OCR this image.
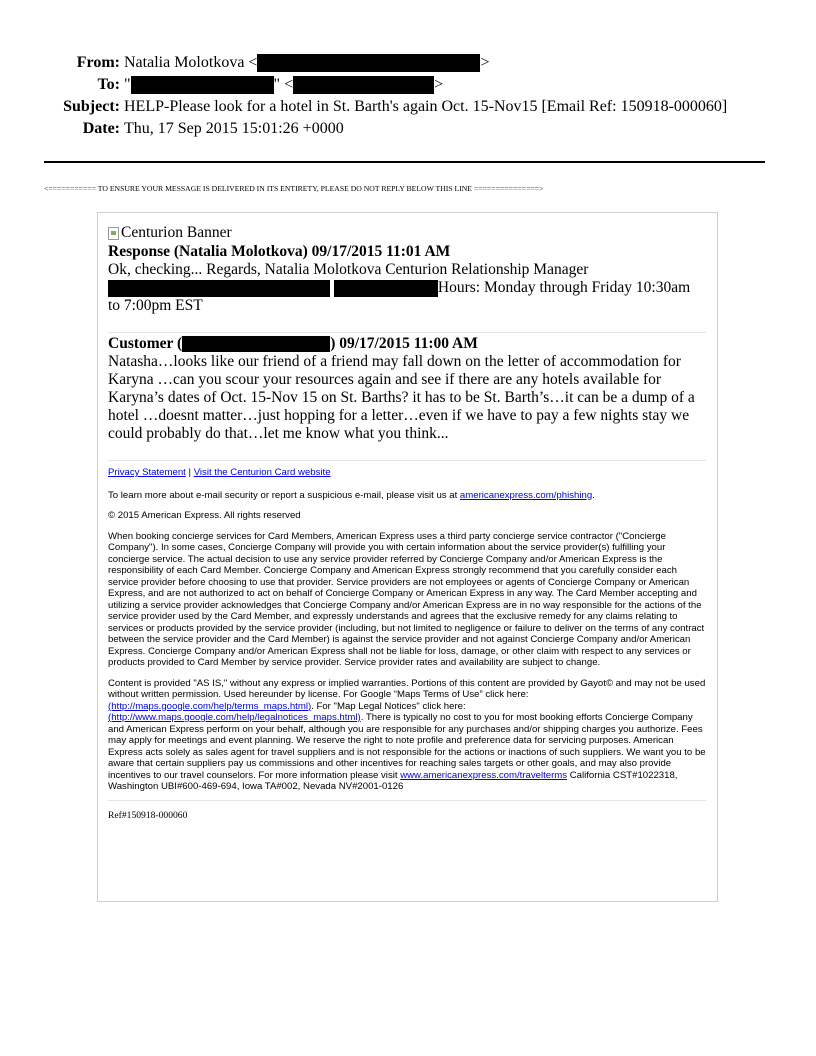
From: Natalia Molotkova <	>
To: "	" <	>
Subject: HELP-Please look for a hotel in St. Barth's again Oct. 15-Nov15 [Email Ref: 150918-000060]
Date: Thu, 17 Sep 2015 15:01:26 +0000
<=========== TO ENSURE YOUR MESSAGE IS DELIVERED IN ITS ENTIRETY, PLEASE DO NOT REPLY BELOW THIS LINE ===============>
Centurion Banner
Response (Natalia Molotkova) 09/17/2015 11:01 AM
Ok, checking... Regards, Natalia Molotkova Centurion Relationship Manager
Hours: Monday through Friday 10:30am
to 7:00pm EST
Customer (	) 09/17/2015 11:00 AM
Natasha…looks like our friend of a friend may fall down on the letter of accommodation for Karyna …can you scour your resources again and see if there are any hotels available for Karyna’s dates of Oct. 15-Nov 15 on St. Barths? it has to be St. Barth’s…it can be a dump of a hotel …doesnt matter…just hopping for a letter…even if we have to pay a few nights stay we could probably do that…let me know what you think...

Privacy Statement | Visit the Centurion Card website

To learn more about e-mail security or report a suspicious e-mail, please visit us at americanexpress.com/phishing.

© 2015 American Express. All rights reserved

When booking concierge services for Card Members, American Express uses a third party concierge service contractor ("Concierge Company"). In some cases, Concierge Company will provide you with certain information about the service provider(s) fulfilling your concierge service. The actual decision to use any service provider referred by Concierge Company and/or American Express is the responsibility of each Card Member. Concierge Company and American Express strongly recommend that you carefully consider each service provider before choosing to use that provider. Service providers are not employees or agents of Concierge Company or American Express, and are not authorized to act on behalf of Concierge Company or American Express in any way. The Card Member accepting and utilizing a service provider acknowledges that Concierge Company and/or American Express are in no way responsible for the actions of the service provider used by the Card Member, and expressly understands and agrees that the exclusive remedy for any claims relating to services or products provided by the service provider (including, but not limited to negligence or failure to deliver on the terms of any contract between the service provider and the Card Member) is against the service provider and not against Concierge Company and/or American Express. Concierge Company and/or American Express shall not be liable for loss, damage, or other claim with respect to any services or products provided to Card Member by service provider. Service provider rates and availability are subject to change.

Content is provided "AS IS," without any express or implied warranties. Portions of this content are provided by Gayot© and may not be used without written permission. Used hereunder by license. For Google “Maps Terms of Use” click here: (http://maps.google.com/help/terms_maps.html). For "Map Legal Notices" click here: (http://www.maps.google.com/help/legalnotices_maps.html). There is typically no cost to you for most booking efforts Concierge Company and American Express perform on your behalf, although you are responsible for any purchases and/or shipping charges you authorize. Fees may apply for meetings and event planning. We reserve the right to note profile and preference data for servicing purposes. American Express acts solely as sales agent for travel suppliers and is not responsible for the actions or inactions of such suppliers. We want you to be aware that certain suppliers pay us commissions and other incentives for reaching sales targets or other goals, and may also provide incentives to our travel counselors. For more information please visit www.americanexpress.com/travelterms California CST#1022318, Washington UBI#600-469-694, Iowa TA#002, Nevada NV#2001-0126

Ref#150918-000060
